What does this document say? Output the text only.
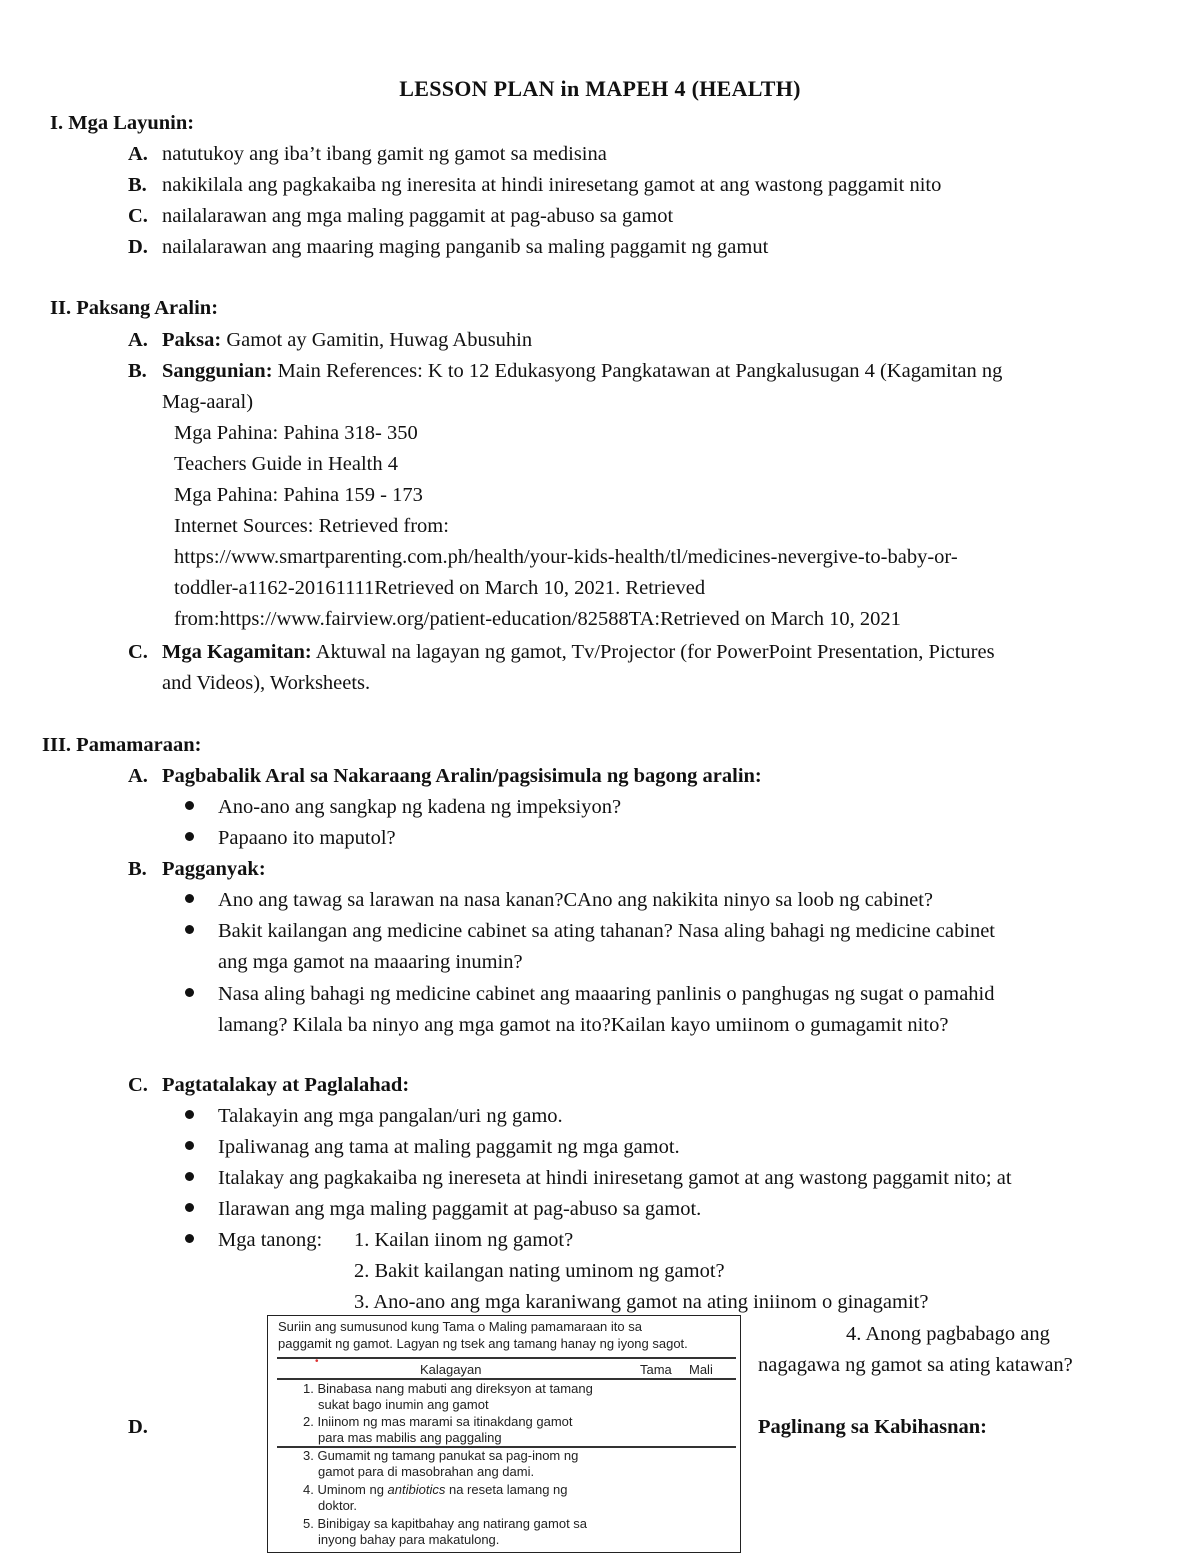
LESSON PLAN in MAPEH 4 (HEALTH)
I. Mga Layunin:
A. natutukoy ang iba’t ibang gamit ng gamot sa medisina
B. nakikilala ang pagkakaiba ng ineresita at hindi iniresetang gamot at ang wastong paggamit nito
C. nailalarawan ang mga maling paggamit at pag-abuso sa gamot
D. nailalarawan ang maaring maging panganib sa maling paggamit ng gamut
II. Paksang Aralin:
A. Paksa: Gamot ay Gamitin, Huwag Abusuhin
B. Sanggunian: Main References: K to 12 Edukasyong Pangkatawan at Pangkalusugan 4 (Kagamitan ng
Mag-aaral)
Mga Pahina: Pahina 318- 350
Teachers Guide in Health 4
Mga Pahina: Pahina 159 - 173
Internet Sources: Retrieved from:
https://www.smartparenting.com.ph/health/your-kids-health/tl/medicines-nevergive-to-baby-or-
toddler-a1162-20161111Retrieved on March 10, 2021. Retrieved
from:https://www.fairview.org/patient-education/82588TA:Retrieved on March 10, 2021
C. Mga Kagamitan: Aktuwal na lagayan ng gamot, Tv/Projector (for PowerPoint Presentation, Pictures
and Videos), Worksheets.
III. Pamamaraan:
A. Pagbabalik Aral sa Nakaraang Aralin/pagsisimula ng bagong aralin:
Ano-ano ang sangkap ng kadena ng impeksiyon?
Papaano ito maputol?
B. Pagganyak:
Ano ang tawag sa larawan na nasa kanan?CAno ang nakikita ninyo sa loob ng cabinet?
Bakit kailangan ang medicine cabinet sa ating tahanan? Nasa aling bahagi ng medicine cabinet
ang mga gamot na maaaring inumin?
Nasa aling bahagi ng medicine cabinet ang maaaring panlinis o panghugas ng sugat o pamahid
lamang? Kilala ba ninyo ang mga gamot na ito?Kailan kayo umiinom o gumagamit nito?
C. Pagtatalakay at Paglalahad:
Talakayin ang mga pangalan/uri ng gamo.
Ipaliwanag ang tama at maling paggamit ng mga gamot.
Italakay ang pagkakaiba ng inereseta at hindi iniresetang gamot at ang wastong paggamit nito; at
Ilarawan ang mga maling paggamit at pag-abuso sa gamot.
Mga tanong: 1. Kailan iinom ng gamot?
2. Bakit kailangan nating uminom ng gamot?
3. Ano-ano ang mga karaniwang gamot na ating iniinom o ginagamit?
4. Anong pagbabago ang
nagagawa ng gamot sa ating katawan?
D.	Paglinang sa Kabihasnan:
Suriin ang sumusunod kung Tama o Maling pamamaraan ito sa
paggamit ng gamot. Lagyan ng tsek ang tamang hanay ng iyong sagot.
•
Kalagayan	Tama Mali
1. Binabasa nang mabuti ang direksyon at tamang
sukat bago inumin ang gamot
2. Iniinom ng mas marami sa itinakdang gamot
para mas mabilis ang paggaling
3. Gumamit ng tamang panukat sa pag-inom ng
gamot para di masobrahan ang dami.
4. Uminom ng antibiotics na reseta lamang ng
doktor.
5. Binibigay sa kapitbahay ang natirang gamot sa
inyong bahay para makatulong.
